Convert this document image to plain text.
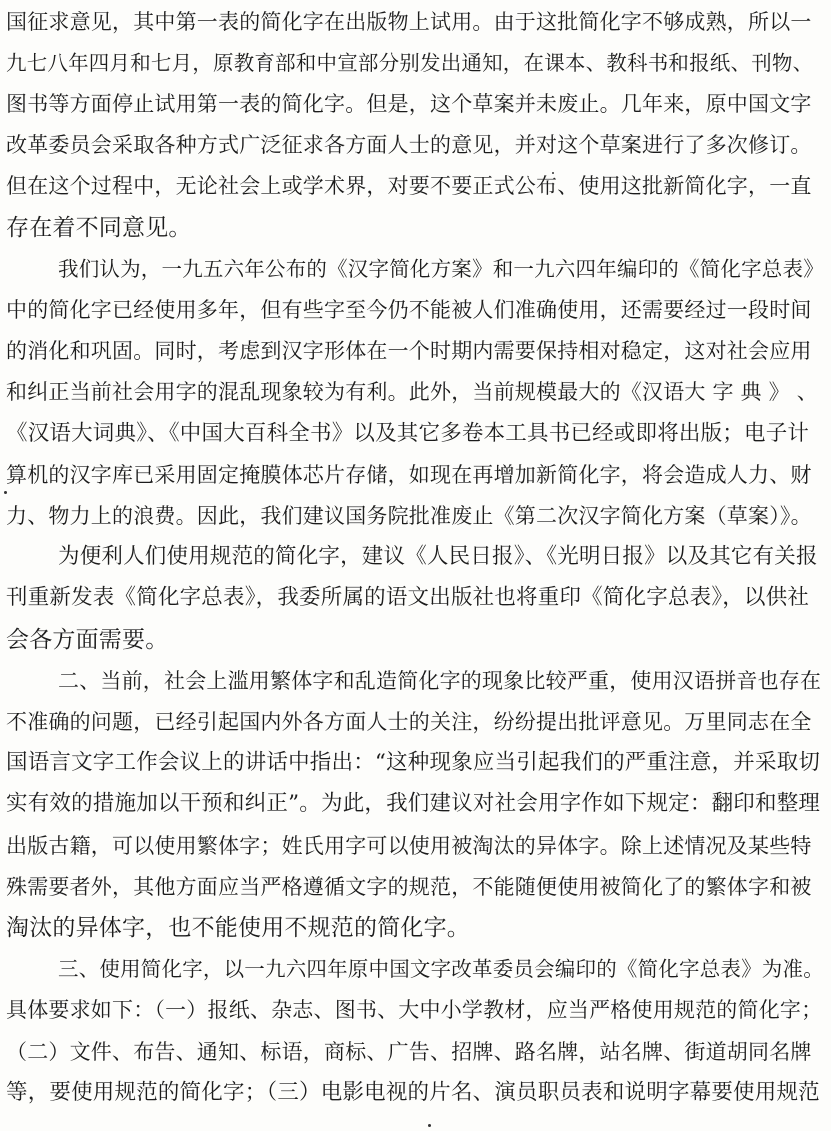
国征求意见，其中第一表的简化字在出版物上试用。由于这批简化字不够成熟，所以一
九七八年四月和七月，原教育部和中宣部分别发出通知，在课本、教科书和报纸、刊物、
图书等方面停止试用第一表的简化字。但是，这个草案并未废止。几年来，原中国文字
改革委员会采取各种方式广泛征求各方面人士的意见，并对这个草案进行了多次修订。
但在这个过程中，无论社会上或学术界，对要不要正式公布、使用这批新简化字，一直
存在着不同意见。
我们认为，一九五六年公布的《汉字简化方案》和一九六四年编印的《简化字总表》
中的简化字已经使用多年，但有些字至今仍不能被人们准确使用，还需要经过一段时间
的消化和巩固。同时，考虑到汉字形体在一个时期内需要保持相对稳定，这对社会应用
和纠正当前社会用字的混乱现象较为有利。此外，当前规模最大的《汉语大 字 典 》 、
《汉语大词典》、《中国大百科全书》以及其它多卷本工具书已经或即将出版；电子计
算机的汉字库已采用固定掩膜体芯片存储，如现在再增加新简化字，将会造成人力、财
力、物力上的浪费。因此，我们建议国务院批准废止《第二次汉字简化方案（草案）》。
为便利人们使用规范的简化字，建议《人民日报》、《光明日报》以及其它有关报
刊重新发表《简化字总表》，我委所属的语文出版社也将重印《简化字总表》，以供社
会各方面需要。
二、当前，社会上滥用繁体字和乱造简化字的现象比较严重，使用汉语拼音也存在
不准确的问题，已经引起国内外各方面人士的关注，纷纷提出批评意见。万里同志在全
国语言文字工作会议上的讲话中指出：“这种现象应当引起我们的严重注意，并采取切
实有效的措施加以干预和纠正”。为此，我们建议对社会用字作如下规定：翻印和整理
出版古籍，可以使用繁体字；姓氏用字可以使用被淘汰的异体字。除上述情况及某些特
殊需要者外，其他方面应当严格遵循文字的规范，不能随便使用被简化了的繁体字和被
淘汰的异体字，也不能使用不规范的简化字。
三、使用简化字，以一九六四年原中国文字改革委员会编印的《简化字总表》为准。
具体要求如下：（一）报纸、杂志、图书、大中小学教材，应当严格使用规范的简化字；
（二）文件、布告、通知、标语，商标、广告、招牌、路名牌，站名牌、街道胡同名牌
等，要使用规范的简化字；（三）电影电视的片名、演员职员表和说明字幕要使用规范
